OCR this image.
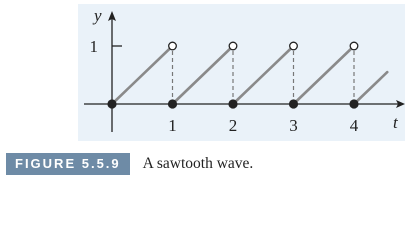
1	2	3	4
1
t
y
FIGURE 5.5.9	A sawtooth wave.
